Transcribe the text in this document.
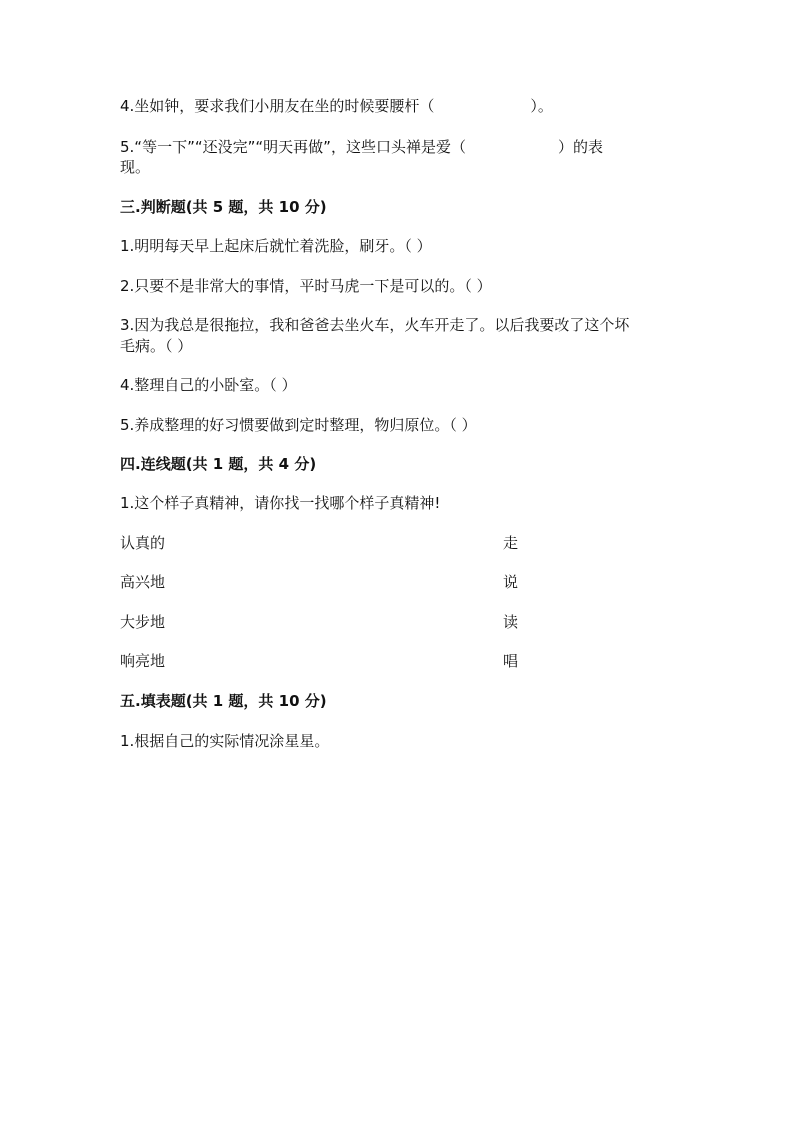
4.坐如钟，要求我们小朋友在坐的时候要腰杆（	）。
5.“等一下”“还没完”“明天再做”，这些口头禅是爱（	）的表
现。
三.判断题(共 5 题，共 10 分)
1.明明每天早上起床后就忙着洗脸，刷牙。（ ）
2.只要不是非常大的事情，平时马虎一下是可以的。（ ）
3.因为我总是很拖拉，我和爸爸去坐火车，火车开走了。以后我要改了这个坏
毛病。（ ）
4.整理自己的小卧室。（ ）
5.养成整理的好习惯要做到定时整理，物归原位。（ ）
四.连线题(共 1 题，共 4 分)
1.这个样子真精神，请你找一找哪个样子真精神!
认真的	走
高兴地	说
大步地	读
响亮地	唱
五.填表题(共 1 题，共 10 分)
1.根据自己的实际情况涂星星。
